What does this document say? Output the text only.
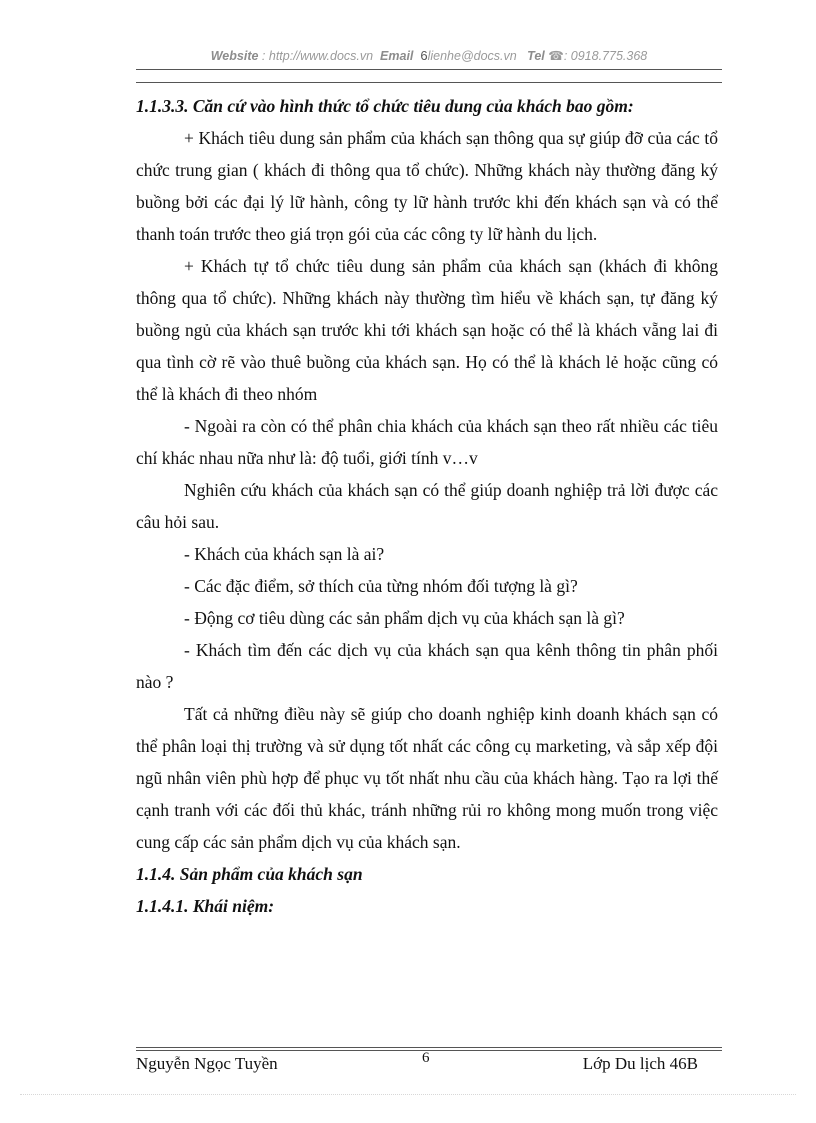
Website : http://www.docs.vn Email 6lienhe@docs.vn Tel ☎: 0918.775.368

1.1.3.3. Căn cứ vào hình thức tổ chức tiêu dung của khách bao gồm:

+ Khách tiêu dung sản phẩm của khách sạn thông qua sự giúp đỡ của các tổ chức trung gian ( khách đi thông qua tổ chức). Những khách này thường đăng ký buồng bởi các đại lý lữ hành, công ty lữ hành trước khi đến khách sạn và có thể thanh toán trước theo giá trọn gói của các công ty lữ hành du lịch.

+ Khách tự tổ chức tiêu dung sản phẩm của khách sạn (khách đi không thông qua tổ chức). Những khách này thường tìm hiểu về khách sạn, tự đăng ký buồng ngủ của khách sạn trước khi tới khách sạn hoặc có thể là khách vẵng lai đi qua tình cờ rẽ vào thuê buồng của khách sạn. Họ có thể là khách lẻ hoặc cũng có thể là khách đi theo nhóm

- Ngoài ra còn có thể phân chia khách của khách sạn theo rất nhiều các tiêu chí khác nhau nữa như là: độ tuổi, giới tính v…v

Nghiên cứu khách của khách sạn có thể giúp doanh nghiệp trả lời được các câu hỏi sau.

- Khách của khách sạn là ai?

- Các đặc điểm, sở thích của từng nhóm đối tượng là gì?

- Động cơ tiêu dùng các sản phẩm dịch vụ của khách sạn là gì?

- Khách tìm đến các dịch vụ của khách sạn qua kênh thông tin phân phối nào ?

Tất cả những điều này sẽ giúp cho doanh nghiệp kinh doanh khách sạn có thể phân loại thị trường và sử dụng tốt nhất các công cụ marketing, và sắp xếp đội ngũ nhân viên phù hợp để phục vụ tốt nhất nhu cầu của khách hàng. Tạo ra lợi thế cạnh tranh với các đối thủ khác, tránh những rủi ro không mong muốn trong việc cung cấp các sản phẩm dịch vụ của khách sạn.

1.1.4. Sản phẩm của khách sạn

1.1.4.1. Khái niệm:

Nguyễn Ngọc Tuyền	6	Lớp Du lịch 46B
